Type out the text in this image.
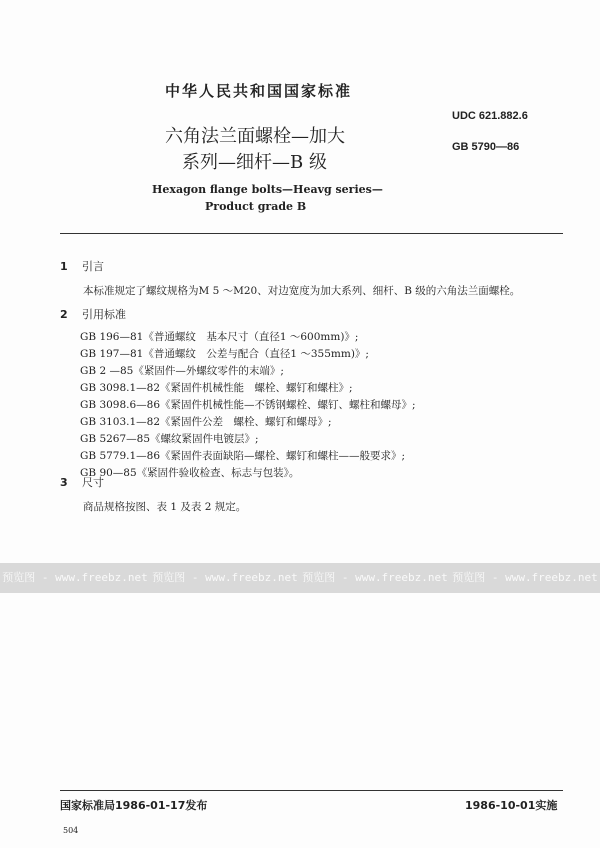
中华人民共和国国家标准
UDC 621.882.6
GB 5790—86
六角法兰面螺栓—加大
系列—细杆—B 级
Hexagon flange bolts—Heavg series—
Product grade B
1 引言
本标准规定了螺纹规格为M 5 ～M20、对边宽度为加大系列、细杆、B 级的六角法兰面螺栓。
2 引用标准
GB 196—81《普通螺纹　基本尺寸（直径1 ～600mm)》;
GB 197—81《普通螺纹　公差与配合（直径1 ～355mm)》;
GB 2 —85《紧固件—外螺纹零件的末端》;
GB 3098.1—82《紧固件机械性能　螺栓、螺钉和螺柱》;
GB 3098.6—86《紧固件机械性能—不锈钢螺栓、螺钉、螺柱和螺母》;
GB 3103.1—82《紧固件公差　螺栓、螺钉和螺母》;
GB 5267—85《螺纹紧固件电镀层》;
GB 5779.1—86《紧固件表面缺陷—螺栓、螺钉和螺柱——般要求》;
GB 90—85《紧固件验收检查、标志与包装》。
3 尺寸
商品规格按图、表 1 及表 2 规定。
预览图 - www.freebz.net 预览图 - www.freebz.net 预览图 - www.freebz.net 预览图 - www.freebz.net
国家标准局1986-01-17发布	1986-10-01实施
504
